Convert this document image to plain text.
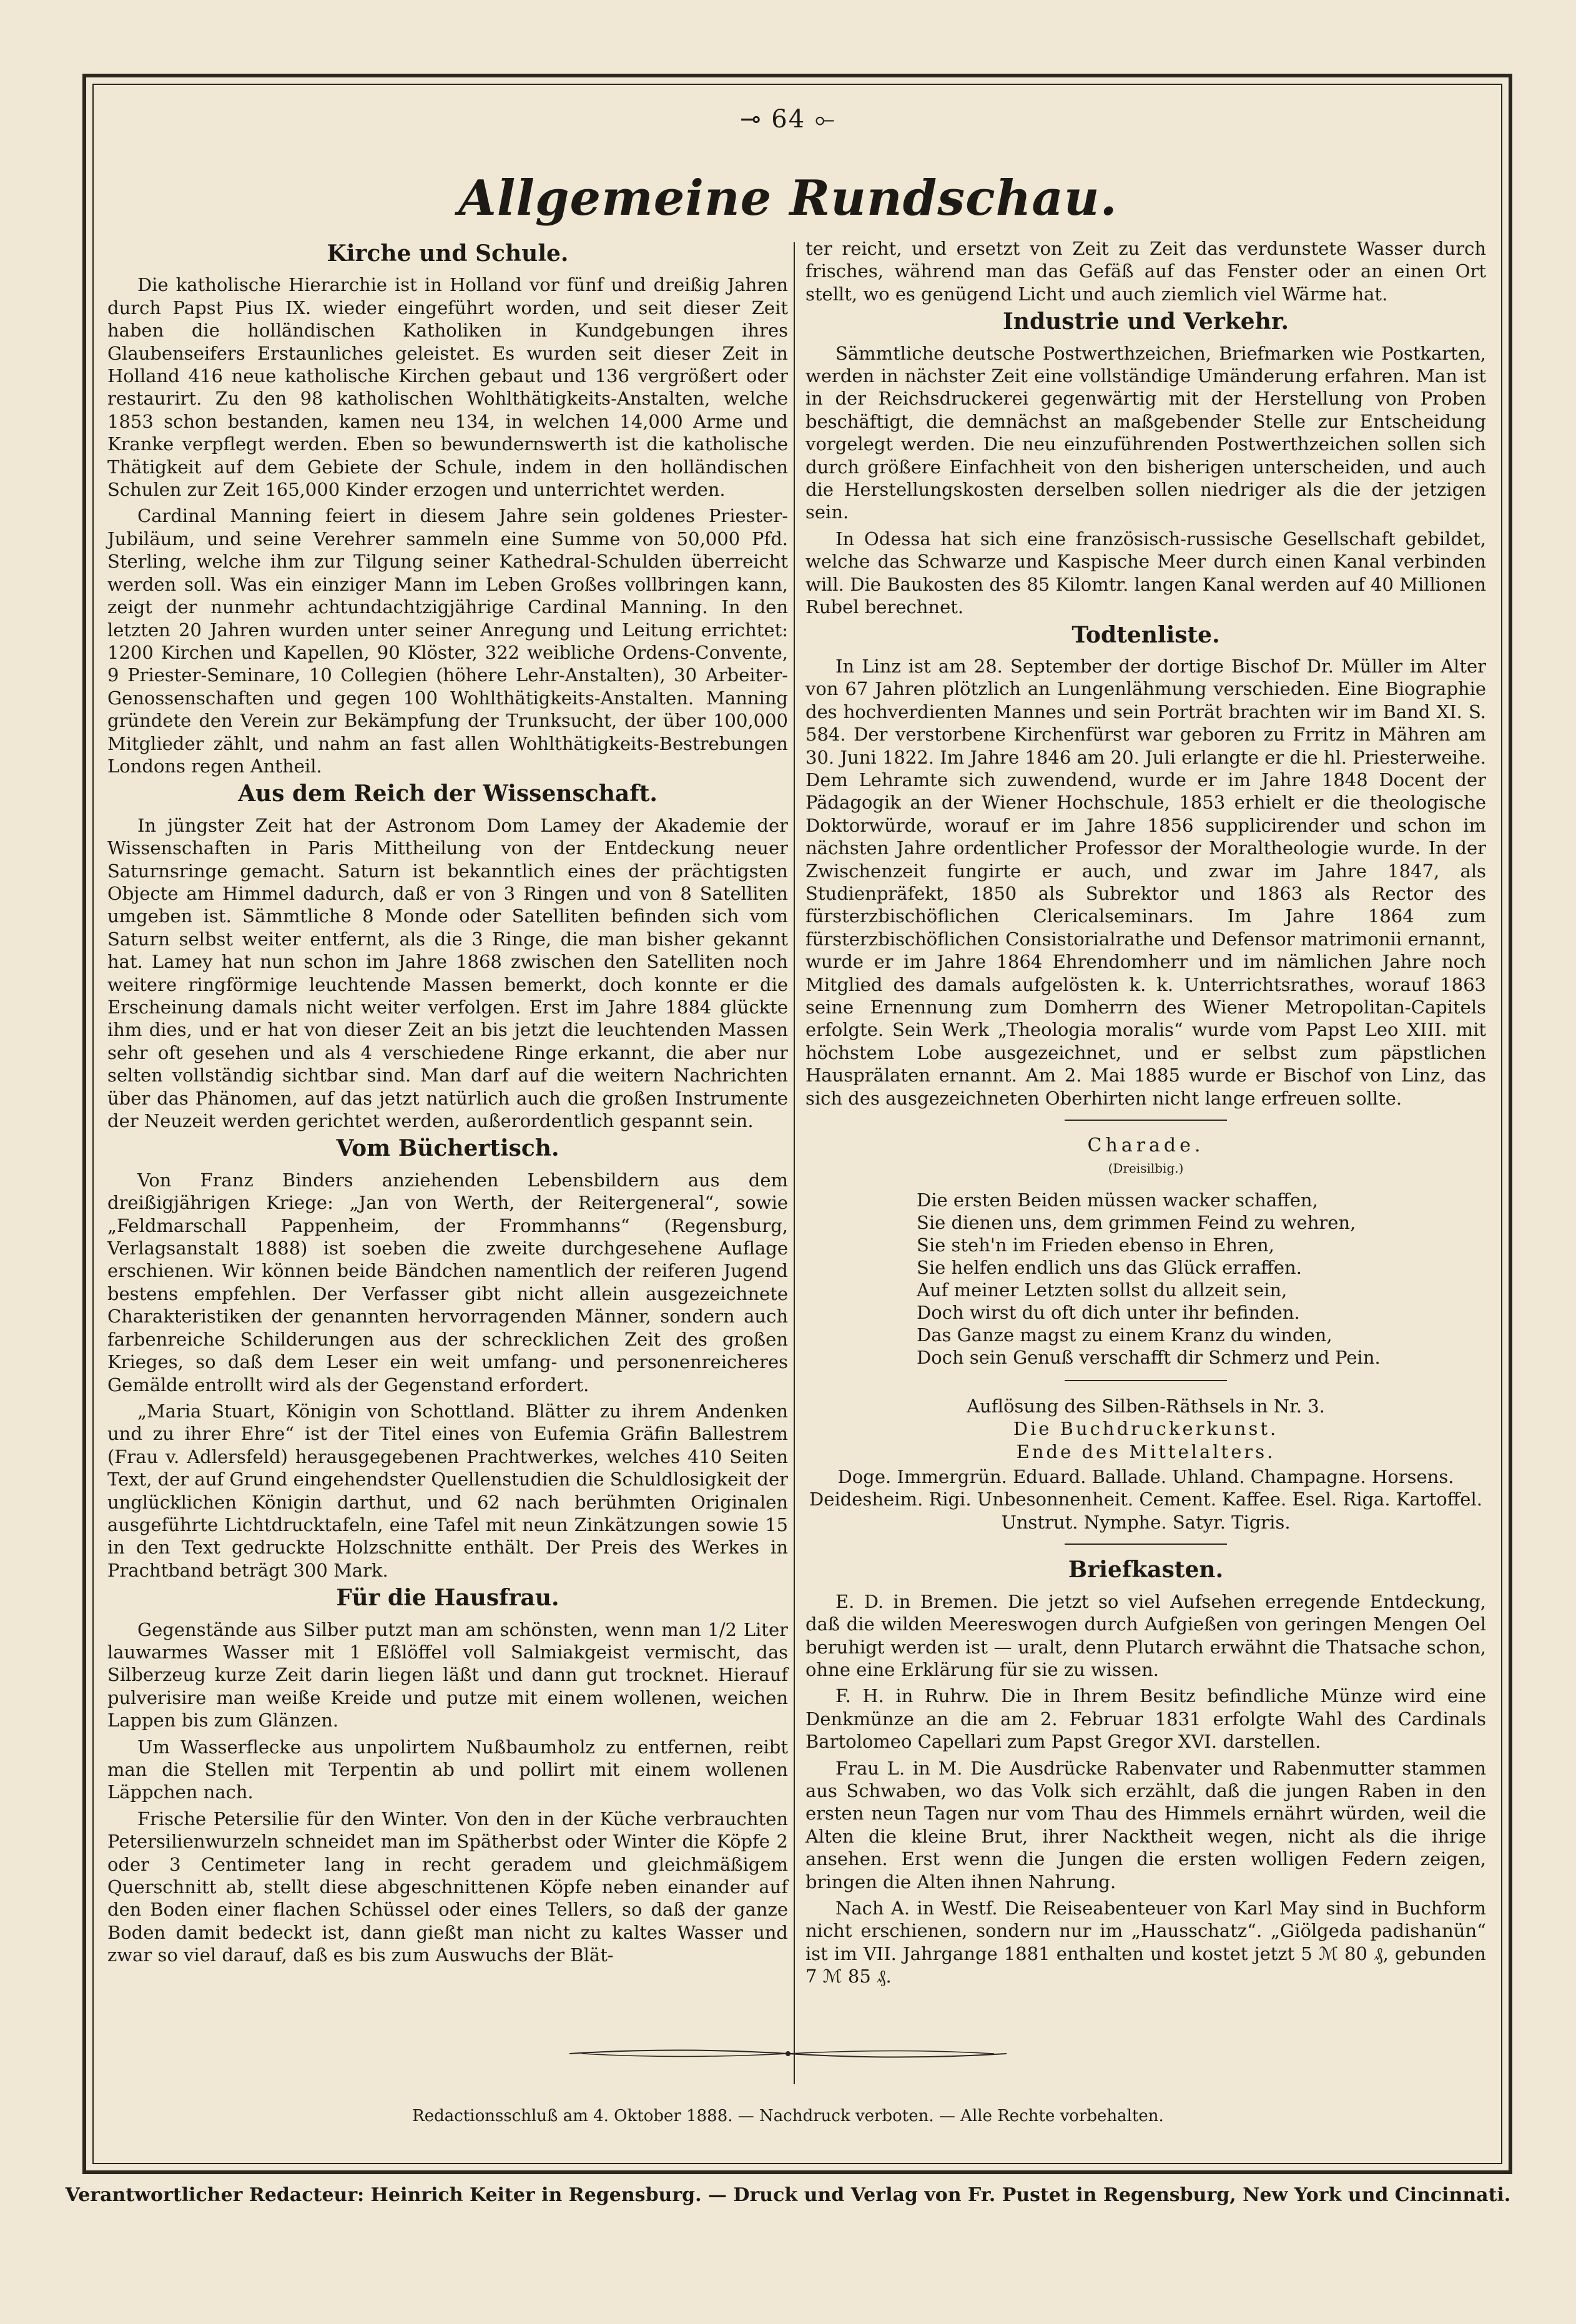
⊸ 64 ⟜
Allgemeine Rundschau.
Kirche und Schule.

Die katholische Hierarchie ist in Holland vor fünf und dreißig Jahren durch Papst Pius IX. wieder eingeführt worden, und seit dieser Zeit haben die holländischen Katholiken in Kundgebungen ihres Glaubenseifers Erstaunliches geleistet. Es wurden seit dieser Zeit in Holland 416 neue katholische Kirchen gebaut und 136 vergrößert oder restaurirt. Zu den 98 katholischen Wohlthätigkeits-Anstalten, welche 1853 schon bestanden, kamen neu 134, in welchen 14,000 Arme und Kranke verpflegt werden. Eben so bewundernswerth ist die katholische Thätigkeit auf dem Gebiete der Schule, indem in den holländischen Schulen zur Zeit 165,000 Kinder erzogen und unterrichtet werden.

Cardinal Manning feiert in diesem Jahre sein goldenes Priester-Jubiläum, und seine Verehrer sammeln eine Summe von 50,000 Pfd. Sterling, welche ihm zur Tilgung seiner Kathedral-Schulden überreicht werden soll. Was ein einziger Mann im Leben Großes vollbringen kann, zeigt der nunmehr achtundachtzigjährige Cardinal Manning. In den letzten 20 Jahren wurden unter seiner Anregung und Leitung errichtet: 1200 Kirchen und Kapellen, 90 Klöster, 322 weibliche Ordens-Convente, 9 Priester-Seminare, 10 Collegien (höhere Lehr-Anstalten), 30 Arbeiter-Genossenschaften und gegen 100 Wohlthätigkeits-Anstalten. Manning gründete den Verein zur Bekämpfung der Trunksucht, der über 100,000 Mitglieder zählt, und nahm an fast allen Wohlthätigkeits-Bestrebungen Londons regen Antheil.

Aus dem Reich der Wissenschaft.

In jüngster Zeit hat der Astronom Dom Lamey der Akademie der Wissenschaften in Paris Mittheilung von der Entdeckung neuer Saturnsringe gemacht. Saturn ist bekanntlich eines der prächtigsten Objecte am Himmel dadurch, daß er von 3 Ringen und von 8 Satelliten umgeben ist. Sämmtliche 8 Monde oder Satelliten befinden sich vom Saturn selbst weiter entfernt, als die 3 Ringe, die man bisher gekannt hat. Lamey hat nun schon im Jahre 1868 zwischen den Satelliten noch weitere ringförmige leuchtende Massen bemerkt, doch konnte er die Erscheinung damals nicht weiter verfolgen. Erst im Jahre 1884 glückte ihm dies, und er hat von dieser Zeit an bis jetzt die leuchtenden Massen sehr oft gesehen und als 4 verschiedene Ringe erkannt, die aber nur selten vollständig sichtbar sind. Man darf auf die weitern Nachrichten über das Phänomen, auf das jetzt natürlich auch die großen Instrumente der Neuzeit werden gerichtet werden, außerordentlich gespannt sein.

Vom Büchertisch.

Von Franz Binders anziehenden Lebensbildern aus dem dreißigjährigen Kriege: „Jan von Werth, der Reitergeneral“, sowie „Feldmarschall Pappenheim, der Frommhanns“ (Regensburg, Verlagsanstalt 1888) ist soeben die zweite durchgesehene Auflage erschienen. Wir können beide Bändchen namentlich der reiferen Jugend bestens empfehlen. Der Verfasser gibt nicht allein ausgezeichnete Charakteristiken der genannten hervorragenden Männer, sondern auch farbenreiche Schilderungen aus der schrecklichen Zeit des großen Krieges, so daß dem Leser ein weit umfang- und personenreicheres Gemälde entrollt wird als der Gegenstand erfordert.

„Maria Stuart, Königin von Schottland. Blätter zu ihrem Andenken und zu ihrer Ehre“ ist der Titel eines von Eufemia Gräfin Ballestrem (Frau v. Adlersfeld) herausgegebenen Prachtwerkes, welches 410 Seiten Text, der auf Grund eingehendster Quellenstudien die Schuldlosigkeit der unglücklichen Königin darthut, und 62 nach berühmten Originalen ausgeführte Lichtdrucktafeln, eine Tafel mit neun Zinkätzungen sowie 15 in den Text gedruckte Holzschnitte enthält. Der Preis des Werkes in Prachtband beträgt 300 Mark.

Für die Hausfrau.

Gegenstände aus Silber putzt man am schönsten, wenn man 1/2 Liter lauwarmes Wasser mit 1 Eßlöffel voll Salmiakgeist vermischt, das Silberzeug kurze Zeit darin liegen läßt und dann gut trocknet. Hierauf pulverisire man weiße Kreide und putze mit einem wollenen, weichen Lappen bis zum Glänzen.

Um Wasserflecke aus unpolirtem Nußbaumholz zu entfernen, reibt man die Stellen mit Terpentin ab und pollirt mit einem wollenen Läppchen nach.

Frische Petersilie für den Winter. Von den in der Küche verbrauchten Petersilienwurzeln schneidet man im Spätherbst oder Winter die Köpfe 2 oder 3 Centimeter lang in recht geradem und gleichmäßigem Querschnitt ab, stellt diese abgeschnittenen Köpfe neben einander auf den Boden einer flachen Schüssel oder eines Tellers, so daß der ganze Boden damit bedeckt ist, dann gießt man nicht zu kaltes Wasser und zwar so viel darauf, daß es bis zum Auswuchs der Blät-

ter reicht, und ersetzt von Zeit zu Zeit das verdunstete Wasser durch frisches, während man das Gefäß auf das Fenster oder an einen Ort stellt, wo es genügend Licht und auch ziemlich viel Wärme hat.

Industrie und Verkehr.

Sämmtliche deutsche Postwerthzeichen, Briefmarken wie Postkarten, werden in nächster Zeit eine vollständige Umänderung erfahren. Man ist in der Reichsdruckerei gegenwärtig mit der Herstellung von Proben beschäftigt, die demnächst an maßgebender Stelle zur Entscheidung vorgelegt werden. Die neu einzuführenden Postwerthzeichen sollen sich durch größere Einfachheit von den bisherigen unterscheiden, und auch die Herstellungskosten derselben sollen niedriger als die der jetzigen sein.

In Odessa hat sich eine französisch-russische Gesellschaft gebildet, welche das Schwarze und Kaspische Meer durch einen Kanal verbinden will. Die Baukosten des 85 Kilomtr. langen Kanal werden auf 40 Millionen Rubel berechnet.

Todtenliste.

In Linz ist am 28. September der dortige Bischof Dr. Müller im Alter von 67 Jahren plötzlich an Lungenlähmung verschieden. Eine Biographie des hochverdienten Mannes und sein Porträt brachten wir im Band XI. S. 584. Der verstorbene Kirchenfürst war geboren zu Frritz in Mähren am 30. Juni 1822. Im Jahre 1846 am 20. Juli erlangte er die hl. Priesterweihe. Dem Lehramte sich zuwendend, wurde er im Jahre 1848 Docent der Pädagogik an der Wiener Hochschule, 1853 erhielt er die theologische Doktorwürde, worauf er im Jahre 1856 supplicirender und schon im nächsten Jahre ordentlicher Professor der Moraltheologie wurde. In der Zwischenzeit fungirte er auch, und zwar im Jahre 1847, als Studienpräfekt, 1850 als Subrektor und 1863 als Rector des fürsterzbischöflichen Clericalseminars. Im Jahre 1864 zum fürsterzbischöflichen Consistorialrathe und Defensor matrimonii ernannt, wurde er im Jahre 1864 Ehrendomherr und im nämlichen Jahre noch Mitglied des damals aufgelösten k. k. Unterrichtsrathes, worauf 1863 seine Ernennung zum Domherrn des Wiener Metropolitan-Capitels erfolgte. Sein Werk „Theologia moralis“ wurde vom Papst Leo XIII. mit höchstem Lobe ausgezeichnet, und er selbst zum päpstlichen Hausprälaten ernannt. Am 2. Mai 1885 wurde er Bischof von Linz, das sich des ausgezeichneten Oberhirten nicht lange erfreuen sollte.

Charade.
(Dreisilbig.)
Die ersten Beiden müssen wacker schaffen,
Sie dienen uns, dem grimmen Feind zu wehren,
Sie steh'n im Frieden ebenso in Ehren,
Sie helfen endlich uns das Glück erraffen.
Auf meiner Letzten sollst du allzeit sein,
Doch wirst du oft dich unter ihr befinden.
Das Ganze magst zu einem Kranz du winden,
Doch sein Genuß verschafft dir Schmerz und Pein.
Auflösung des Silben-Räthsels in Nr. 3.
Die Buchdruckerkunst.
Ende des Mittelalters.
Doge. Immergrün. Eduard. Ballade. Uhland. Champagne. Horsens. Deidesheim. Rigi. Unbesonnenheit. Cement. Kaffee. Esel. Riga. Kartoffel. Unstrut. Nymphe. Satyr. Tigris.
Briefkasten.

E. D. in Bremen. Die jetzt so viel Aufsehen erregende Entdeckung, daß die wilden Meereswogen durch Aufgießen von geringen Mengen Oel beruhigt werden ist — uralt, denn Plutarch erwähnt die Thatsache schon, ohne eine Erklärung für sie zu wissen.

F. H. in Ruhrw. Die in Ihrem Besitz befindliche Münze wird eine Denkmünze an die am 2. Februar 1831 erfolgte Wahl des Cardinals Bartolomeo Capellari zum Papst Gregor XVI. darstellen.

Frau L. in M. Die Ausdrücke Rabenvater und Rabenmutter stammen aus Schwaben, wo das Volk sich erzählt, daß die jungen Raben in den ersten neun Tagen nur vom Thau des Himmels ernährt würden, weil die Alten die kleine Brut, ihrer Nacktheit wegen, nicht als die ihrige ansehen. Erst wenn die Jungen die ersten wolligen Federn zeigen, bringen die Alten ihnen Nahrung.

Nach A. in Westf. Die Reiseabenteuer von Karl May sind in Buchform nicht erschienen, sondern nur im „Hausschatz“. „Giölgeda padishanün“ ist im VII. Jahrgange 1881 enthalten und kostet jetzt 5 ℳ 80 ₰, gebunden 7 ℳ 85 ₰.

Redactionsschluß am 4. Oktober 1888. — Nachdruck verboten. — Alle Rechte vorbehalten.
Verantwortlicher Redacteur: Heinrich Keiter in Regensburg. — Druck und Verlag von Fr. Pustet in Regensburg, New York und Cincinnati.
